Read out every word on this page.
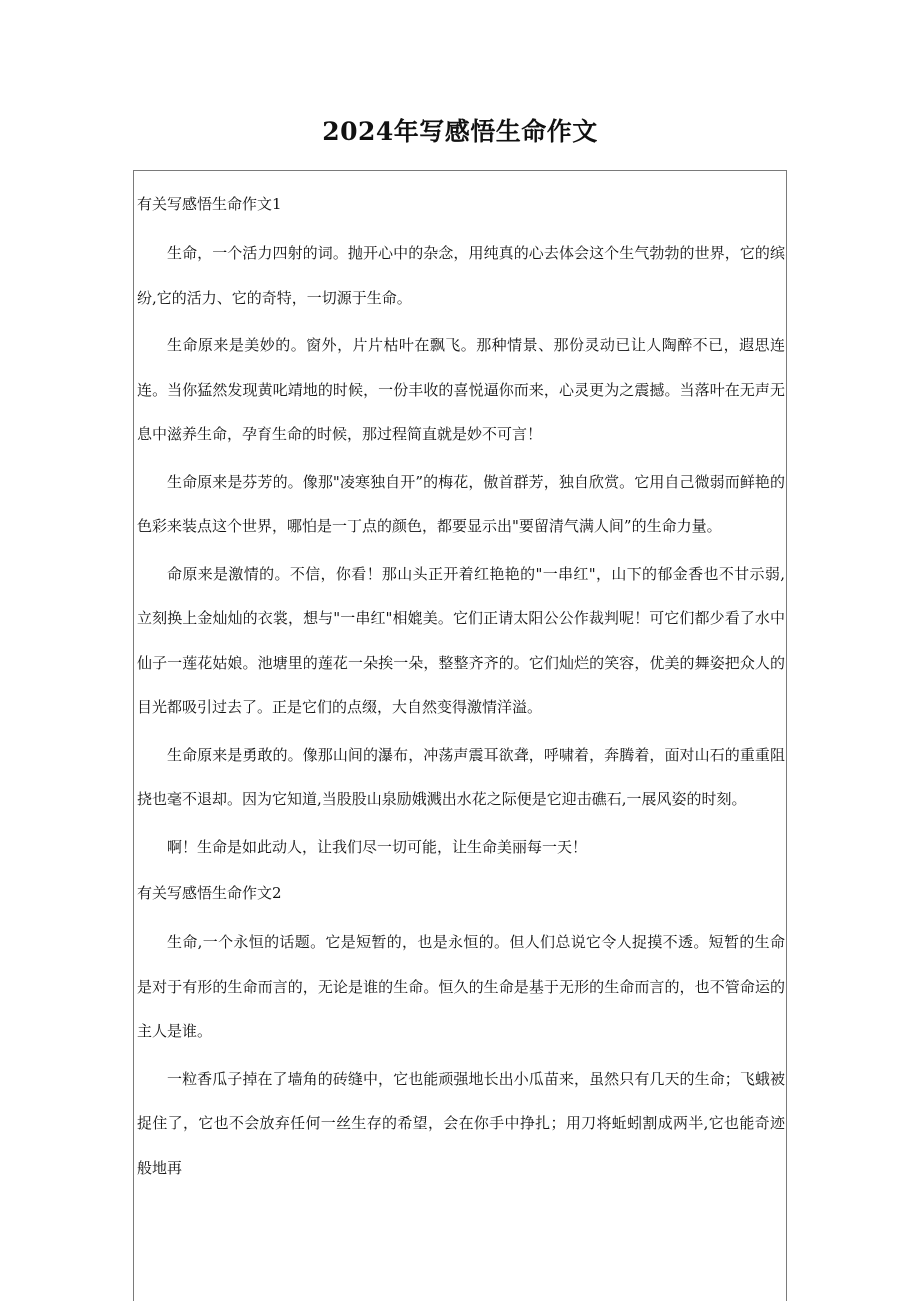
2024年写感悟生命作文
有关写感悟生命作文1

生命，一个活力四射的词。抛开心中的杂念，用纯真的心去体会这个生气勃勃的世界，它的缤纷,它的活力、它的奇特，一切源于生命。

生命原来是美妙的。窗外，片片枯叶在飘飞。那种情景、那份灵动已让人陶醉不已，遐思连连。当你猛然发现黄叱靖地的时候，一份丰收的喜悦逼你而来，心灵更为之震撼。当落叶在无声无息中滋养生命，孕育生命的时候，那过程简直就是妙不可言！

生命原来是芬芳的。像那"凌寒独自开”的梅花，傲首群芳，独自欣赏。它用自己微弱而鲜艳的色彩来装点这个世界，哪怕是一丁点的颜色，都要显示出"要留清气满人间”的生命力量。

命原来是激情的。不信，你看！那山头正开着红艳艳的"一串红"，山下的郁金香也不甘示弱,立刻换上金灿灿的衣裳，想与"一串红"相媲美。它们正请太阳公公作裁判呢！可它们都少看了水中仙子一莲花姑娘。池塘里的莲花一朵挨一朵，整整齐齐的。它们灿烂的笑容，优美的舞姿把众人的目光都吸引过去了。正是它们的点缀，大自然变得激情洋溢。

生命原来是勇敢的。像那山间的瀑布，冲荡声震耳欲聋，呼啸着，奔腾着，面对山石的重重阻挠也毫不退却。因为它知道,当股股山泉励娥溅出水花之际便是它迎击礁石,一展风姿的时刻。

啊！生命是如此动人，让我们尽一切可能，让生命美丽每一天！

有关写感悟生命作文2

生命,一个永恒的话题。它是短暂的，也是永恒的。但人们总说它令人捉摸不透。短暂的生命是对于有形的生命而言的，无论是谁的生命。恒久的生命是基于无形的生命而言的，也不管命运的主人是谁。

一粒香瓜子掉在了墙角的砖缝中，它也能顽强地长出小瓜苗来，虽然只有几天的生命；飞蛾被捉住了，它也不会放弃任何一丝生存的希望，会在你手中挣扎；用刀将蚯蚓割成两半,它也能奇迹般地再
